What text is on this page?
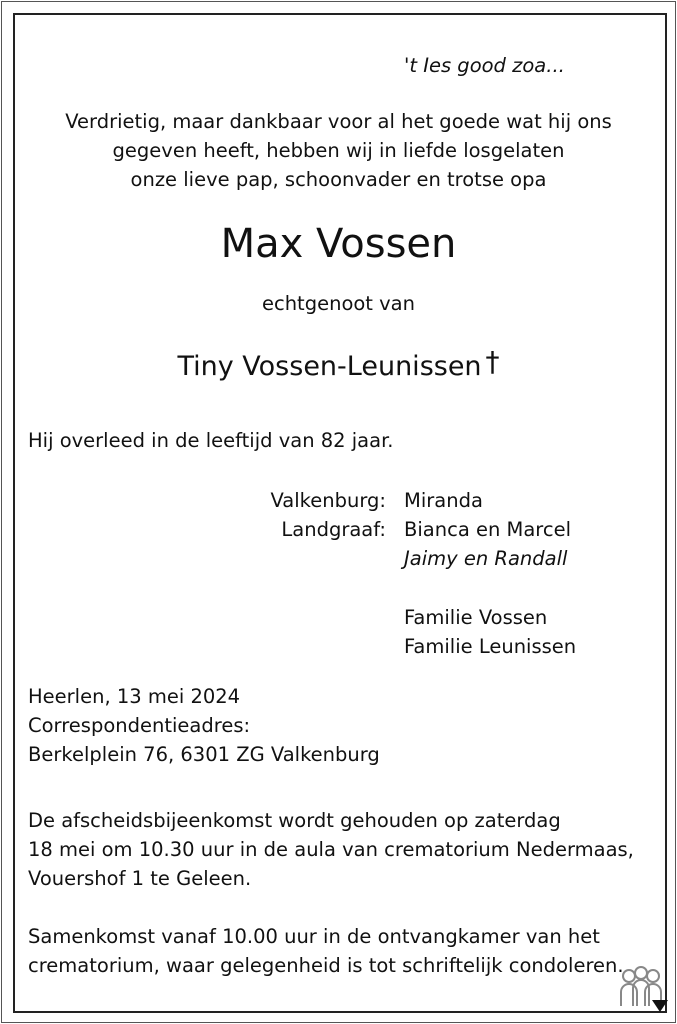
't Ies good zoa...
Verdrietig, maar dankbaar voor al het goede wat hij ons
gegeven heeft, hebben wij in liefde losgelaten
onze lieve pap, schoonvader en trotse opa
Max Vossen
echtgenoot van
Tiny Vossen-Leunissen †
Hij overleed in de leeftijd van 82 jaar.
Valkenburg: Miranda
Landgraaf: Bianca en Marcel
Jaimy en Randall
Familie Vossen
Familie Leunissen
Heerlen, 13 mei 2024
Correspondentieadres:
Berkelplein 76, 6301 ZG Valkenburg
De afscheidsbijeenkomst wordt gehouden op zaterdag
18 mei om 10.30 uur in de aula van crematorium Nedermaas,
Vouershof 1 te Geleen.
Samenkomst vanaf 10.00 uur in de ontvangkamer van het
crematorium, waar gelegenheid is tot schriftelijk condoleren.
